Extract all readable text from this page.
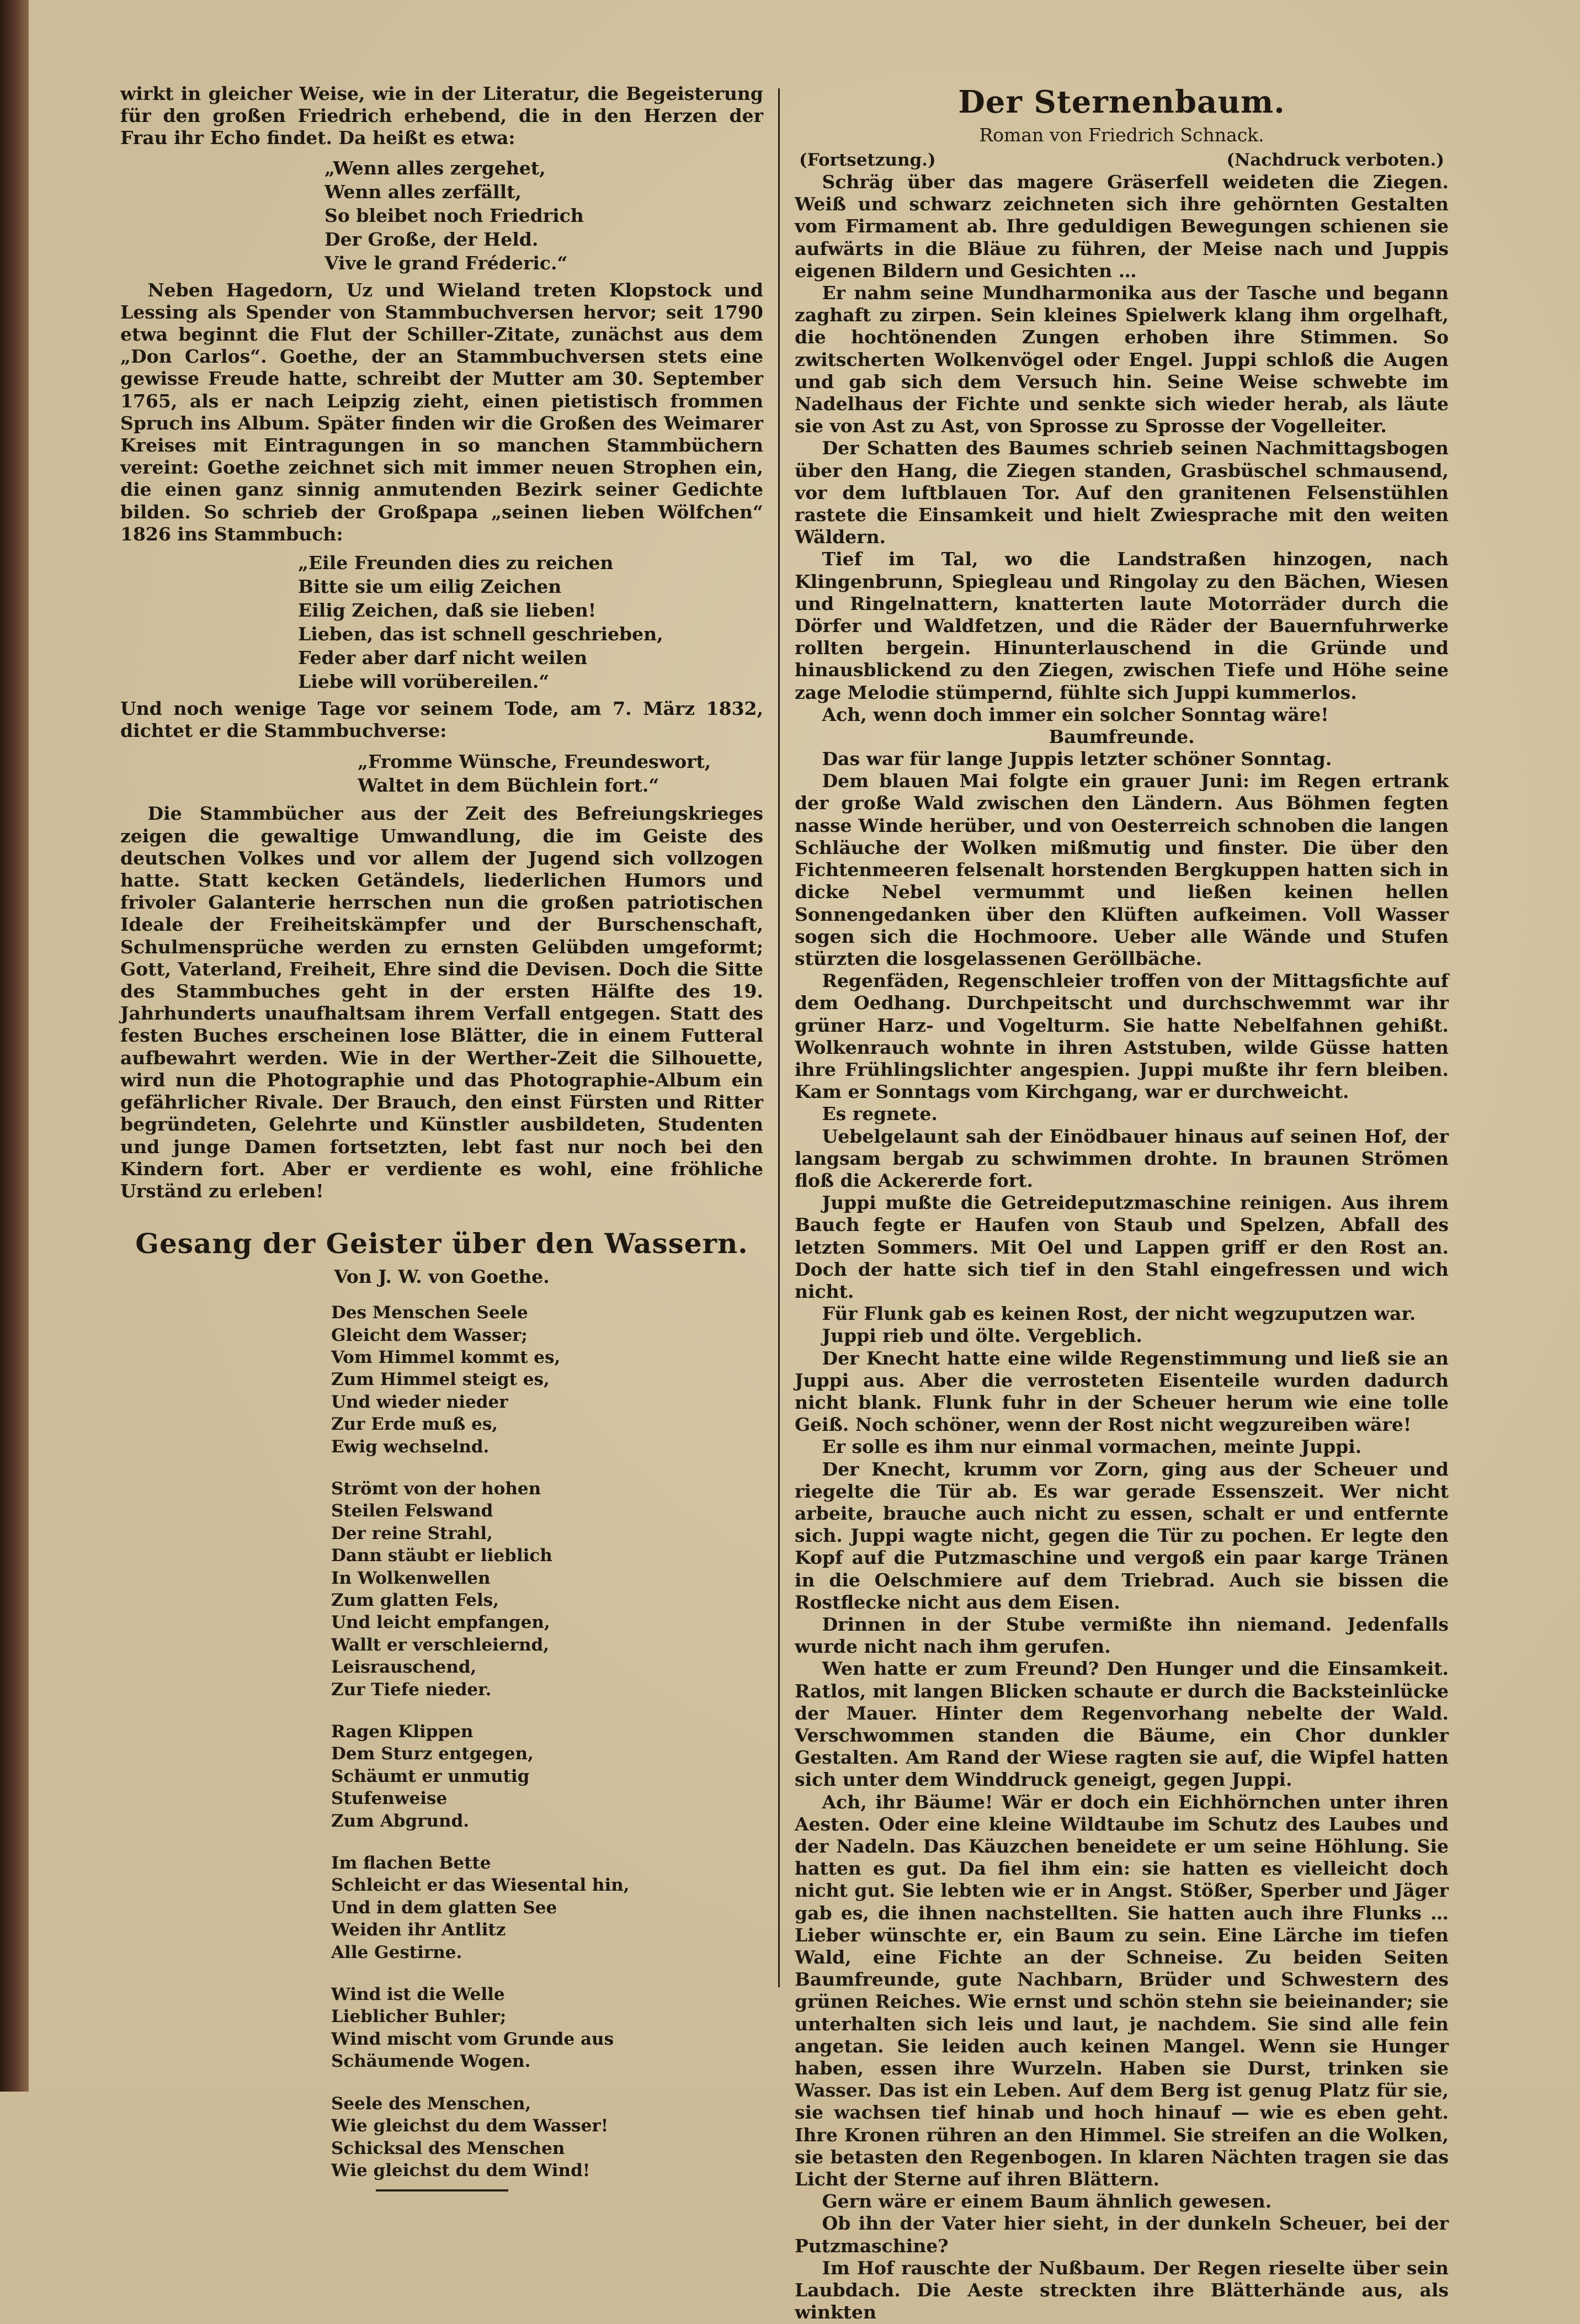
wirkt in gleicher Weise, wie in der Literatur, die Begeisterung für den großen Friedrich erhebend, die in den Herzen der Frau ihr Echo findet. Da heißt es etwa:

„Wenn alles zergehet,

Wenn alles zerfällt,

So bleibet noch Friedrich

Der Große, der Held.

Vive le grand Fréderic.“

Neben Hagedorn, Uz und Wieland treten Klopstock und Lessing als Spender von Stammbuchversen hervor; seit 1790 etwa beginnt die Flut der Schiller-Zitate, zunächst aus dem „Don Carlos“. Goethe, der an Stammbuchversen stets eine gewisse Freude hatte, schreibt der Mutter am 30. September 1765, als er nach Leipzig zieht, einen pietistisch frommen Spruch ins Album. Später finden wir die Großen des Weimarer Kreises mit Eintragungen in so manchen Stammbüchern vereint: Goethe zeichnet sich mit immer neuen Strophen ein, die einen ganz sinnig anmutenden Bezirk seiner Gedichte bilden. So schrieb der Großpapa „seinen lieben Wölfchen“ 1826 ins Stammbuch:

„Eile Freunden dies zu reichen

Bitte sie um eilig Zeichen

Eilig Zeichen, daß sie lieben!

Lieben, das ist schnell geschrieben,

Feder aber darf nicht weilen

Liebe will vorübereilen.“

Und noch wenige Tage vor seinem Tode, am 7. März 1832, dichtet er die Stammbuchverse:

„Fromme Wünsche, Freundeswort,

Waltet in dem Büchlein fort.“

Die Stammbücher aus der Zeit des Befreiungskrieges zeigen die gewaltige Umwandlung, die im Geiste des deutschen Volkes und vor allem der Jugend sich vollzogen hatte. Statt kecken Getändels, liederlichen Humors und frivoler Galanterie herrschen nun die großen patriotischen Ideale der Freiheitskämpfer und der Burschenschaft, Schulmensprüche werden zu ernsten Gelübden umgeformt; Gott, Vaterland, Freiheit, Ehre sind die Devisen. Doch die Sitte des Stammbuches geht in der ersten Hälfte des 19. Jahrhunderts unaufhaltsam ihrem Verfall entgegen. Statt des festen Buches erscheinen lose Blätter, die in einem Futteral aufbewahrt werden. Wie in der Werther-Zeit die Silhouette, wird nun die Photographie und das Photographie-Album ein gefährlicher Rivale. Der Brauch, den einst Fürsten und Ritter begründeten, Gelehrte und Künstler ausbildeten, Studenten und junge Damen fortsetzten, lebt fast nur noch bei den Kindern fort. Aber er verdiente es wohl, eine fröhliche Urständ zu erleben!

Gesang der Geister über den Wassern.

Von J. W. von Goethe.

Des Menschen Seele

Gleicht dem Wasser;

Vom Himmel kommt es,

Zum Himmel steigt es,

Und wieder nieder

Zur Erde muß es,

Ewig wechselnd.

Strömt von der hohen

Steilen Felswand

Der reine Strahl,

Dann stäubt er lieblich

In Wolkenwellen

Zum glatten Fels,

Und leicht empfangen,

Wallt er verschleiernd,

Leisrauschend,

Zur Tiefe nieder.

Ragen Klippen

Dem Sturz entgegen,

Schäumt er unmutig

Stufenweise

Zum Abgrund.

Im flachen Bette

Schleicht er das Wiesental hin,

Und in dem glatten See

Weiden ihr Antlitz

Alle Gestirne.

Wind ist die Welle

Lieblicher Buhler;

Wind mischt vom Grunde aus

Schäumende Wogen.

Seele des Menschen,

Wie gleichst du dem Wasser!

Schicksal des Menschen

Wie gleichst du dem Wind!

Der Sternenbaum.

Roman von Friedrich Schnack.

(Fortsetzung.)	(Nachdruck verboten.)

Schräg über das magere Gräserfell weideten die Ziegen. Weiß und schwarz zeichneten sich ihre gehörnten Gestalten vom Firmament ab. Ihre geduldigen Bewegungen schienen sie aufwärts in die Bläue zu führen, der Meise nach und Juppis eigenen Bildern und Gesichten …

Er nahm seine Mundharmonika aus der Tasche und begann zaghaft zu zirpen. Sein kleines Spielwerk klang ihm orgelhaft, die hochtönenden Zungen erhoben ihre Stimmen. So zwitscherten Wolkenvögel oder Engel. Juppi schloß die Augen und gab sich dem Versuch hin. Seine Weise schwebte im Nadelhaus der Fichte und senkte sich wieder herab, als läute sie von Ast zu Ast, von Sprosse zu Sprosse der Vogelleiter.

Der Schatten des Baumes schrieb seinen Nachmittagsbogen über den Hang, die Ziegen standen, Grasbüschel schmausend, vor dem luftblauen Tor. Auf den granitenen Felsenstühlen rastete die Einsamkeit und hielt Zwiesprache mit den weiten Wäldern.

Tief im Tal, wo die Landstraßen hinzogen, nach Klingenbrunn, Spiegleau und Ringolay zu den Bächen, Wiesen und Ringelnattern, knatterten laute Motorräder durch die Dörfer und Waldfetzen, und die Räder der Bauernfuhrwerke rollten bergein. Hinunterlauschend in die Gründe und hinausblickend zu den Ziegen, zwischen Tiefe und Höhe seine zage Melodie stümpernd, fühlte sich Juppi kummerlos.

Ach, wenn doch immer ein solcher Sonntag wäre!

Baumfreunde.

Das war für lange Juppis letzter schöner Sonntag.

Dem blauen Mai folgte ein grauer Juni: im Regen ertrank der große Wald zwischen den Ländern. Aus Böhmen fegten nasse Winde herüber, und von Oesterreich schnoben die langen Schläuche der Wolken mißmutig und finster. Die über den Fichtenmeeren felsenalt horstenden Bergkuppen hatten sich in dicke Nebel vermummt und ließen keinen hellen Sonnengedanken über den Klüften aufkeimen. Voll Wasser sogen sich die Hochmoore. Ueber alle Wände und Stufen stürzten die losgelassenen Geröllbäche.

Regenfäden, Regenschleier troffen von der Mittagsfichte auf dem Oedhang. Durchpeitscht und durchschwemmt war ihr grüner Harz- und Vogelturm. Sie hatte Nebelfahnen gehißt. Wolkenrauch wohnte in ihren Aststuben, wilde Güsse hatten ihre Frühlingslichter angespien. Juppi mußte ihr fern bleiben. Kam er Sonntags vom Kirchgang, war er durchweicht.

Es regnete.

Uebelgelaunt sah der Einödbauer hinaus auf seinen Hof, der langsam bergab zu schwimmen drohte. In braunen Strömen floß die Ackererde fort.

Juppi mußte die Getreideputzmaschine reinigen. Aus ihrem Bauch fegte er Haufen von Staub und Spelzen, Abfall des letzten Sommers. Mit Oel und Lappen griff er den Rost an. Doch der hatte sich tief in den Stahl eingefressen und wich nicht.

Für Flunk gab es keinen Rost, der nicht wegzuputzen war.

Juppi rieb und ölte. Vergeblich.

Der Knecht hatte eine wilde Regenstimmung und ließ sie an Juppi aus. Aber die verrosteten Eisenteile wurden dadurch nicht blank. Flunk fuhr in der Scheuer herum wie eine tolle Geiß. Noch schöner, wenn der Rost nicht wegzureiben wäre!

Er solle es ihm nur einmal vormachen, meinte Juppi.

Der Knecht, krumm vor Zorn, ging aus der Scheuer und riegelte die Tür ab. Es war gerade Essenszeit. Wer nicht arbeite, brauche auch nicht zu essen, schalt er und entfernte sich. Juppi wagte nicht, gegen die Tür zu pochen. Er legte den Kopf auf die Putzmaschine und vergoß ein paar karge Tränen in die Oelschmiere auf dem Triebrad. Auch sie bissen die Rostflecke nicht aus dem Eisen.

Drinnen in der Stube vermißte ihn niemand. Jedenfalls wurde nicht nach ihm gerufen.

Wen hatte er zum Freund? Den Hunger und die Einsamkeit. Ratlos, mit langen Blicken schaute er durch die Backsteinlücke der Mauer. Hinter dem Regenvorhang nebelte der Wald. Verschwommen standen die Bäume, ein Chor dunkler Gestalten. Am Rand der Wiese ragten sie auf, die Wipfel hatten sich unter dem Winddruck geneigt, gegen Juppi.

Ach, ihr Bäume! Wär er doch ein Eichhörnchen unter ihren Aesten. Oder eine kleine Wildtaube im Schutz des Laubes und der Nadeln. Das Käuzchen beneidete er um seine Höhlung. Sie hatten es gut. Da fiel ihm ein: sie hatten es vielleicht doch nicht gut. Sie lebten wie er in Angst. Stößer, Sperber und Jäger gab es, die ihnen nachstellten. Sie hatten auch ihre Flunks … Lieber wünschte er, ein Baum zu sein. Eine Lärche im tiefen Wald, eine Fichte an der Schneise. Zu beiden Seiten Baumfreunde, gute Nachbarn, Brüder und Schwestern des grünen Reiches. Wie ernst und schön stehn sie beieinander; sie unterhalten sich leis und laut, je nachdem. Sie sind alle fein angetan. Sie leiden auch keinen Mangel. Wenn sie Hunger haben, essen ihre Wurzeln. Haben sie Durst, trinken sie Wasser. Das ist ein Leben. Auf dem Berg ist genug Platz für sie, sie wachsen tief hinab und hoch hinauf — wie es eben geht. Ihre Kronen rühren an den Himmel. Sie streifen an die Wolken, sie betasten den Regenbogen. In klaren Nächten tragen sie das Licht der Sterne auf ihren Blättern.

Gern wäre er einem Baum ähnlich gewesen.

Ob ihn der Vater hier sieht, in der dunkeln Scheuer, bei der Putzmaschine?

Im Hof rauschte der Nußbaum. Der Regen rieselte über sein Laubdach. Die Aeste streckten ihre Blätterhände aus, als winkten
